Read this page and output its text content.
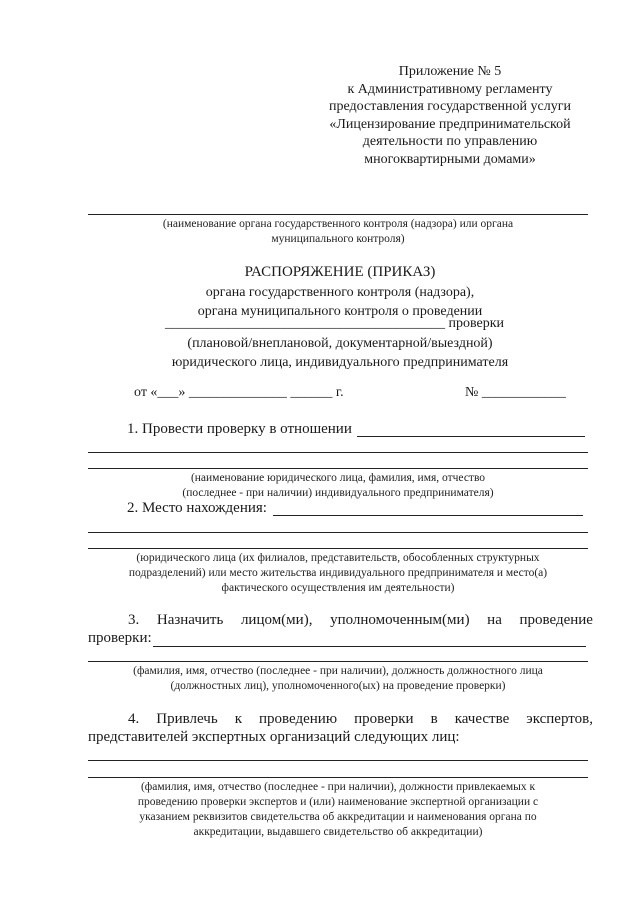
Приложение № 5
к Административному регламенту
предоставления государственной услуги
«Лицензирование предпринимательской
деятельности по управлению
многоквартирными домами»
(наименование органа государственного контроля (надзора) или органа
муниципального контроля)
РАСПОРЯЖЕНИЕ (ПРИКАЗ)
органа государственного контроля (надзора),
органа муниципального контроля о проведении
________________________________________ проверки
(плановой/внеплановой, документарной/выездной)
юридического лица, индивидуального предпринимателя
от «___» ______________ ______ г.	№ ____________
1. Провести проверку в отношении
(наименование юридического лица, фамилия, имя, отчество
(последнее - при наличии) индивидуального предпринимателя)
2. Место нахождения:
(юридического лица (их филиалов, представительств, обособленных структурных
подразделений) или место жительства индивидуального предпринимателя и место(а)
фактического осуществления им деятельности)
3. Назначить лицом(ми), уполномоченным(ми) на проведение
проверки:
(фамилия, имя, отчество (последнее - при наличии), должность должностного лица
(должностных лиц), уполномоченного(ых) на проведение проверки)
4. Привлечь к проведению проверки в качестве экспертов,
представителей экспертных организаций следующих лиц:
(фамилия, имя, отчество (последнее - при наличии), должности привлекаемых к
проведению проверки экспертов и (или) наименование экспертной организации с
указанием реквизитов свидетельства об аккредитации и наименования органа по
аккредитации, выдавшего свидетельство об аккредитации)
